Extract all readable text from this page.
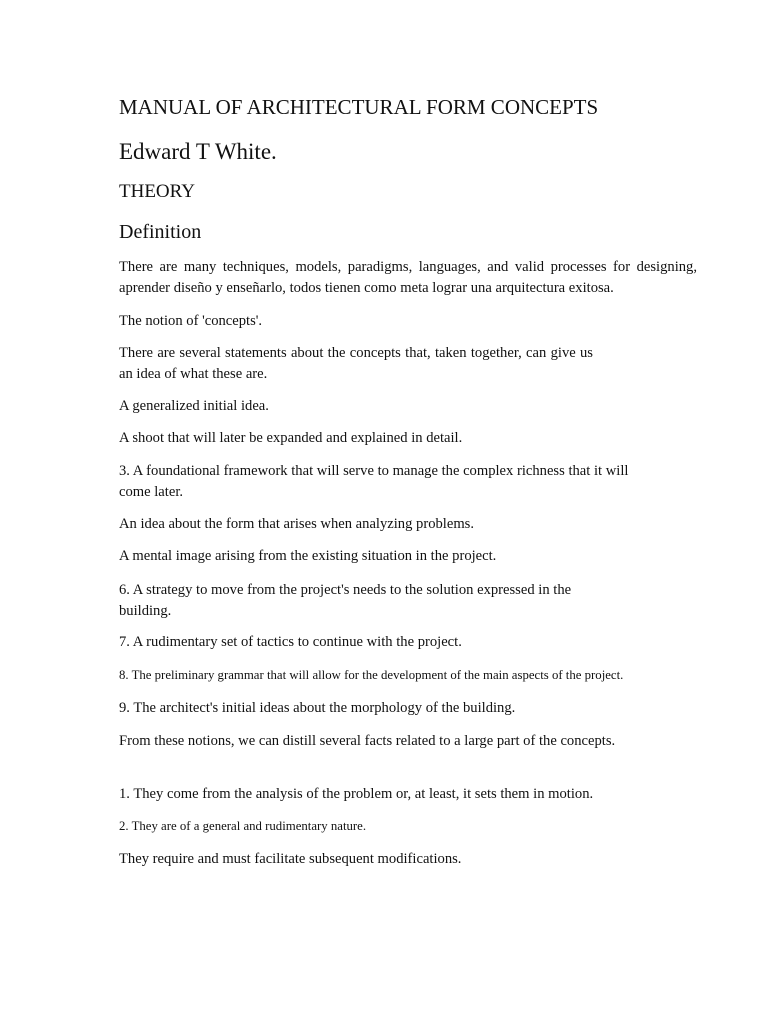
MANUAL OF ARCHITECTURAL FORM CONCEPTS
Edward T White.
THEORY
Definition

There are many techniques, models, paradigms, languages, and valid processes for designing, aprender diseño y enseñarlo, todos tienen como meta lograr una arquitectura exitosa.

The notion of 'concepts'.

There are several statements about the concepts that, taken together, can give us an idea of what these are.

A generalized initial idea.

A shoot that will later be expanded and explained in detail.

3. A foundational framework that will serve to manage the complex richness that it will come later.

An idea about the form that arises when analyzing problems.

A mental image arising from the existing situation in the project.

6. A strategy to move from the project's needs to the solution expressed in the building.

7. A rudimentary set of tactics to continue with the project.

8. The preliminary grammar that will allow for the development of the main aspects of the project.

9. The architect's initial ideas about the morphology of the building.

From these notions, we can distill several facts related to a large part of the concepts.

1. They come from the analysis of the problem or, at least, it sets them in motion.

2. They are of a general and rudimentary nature.

They require and must facilitate subsequent modifications.
